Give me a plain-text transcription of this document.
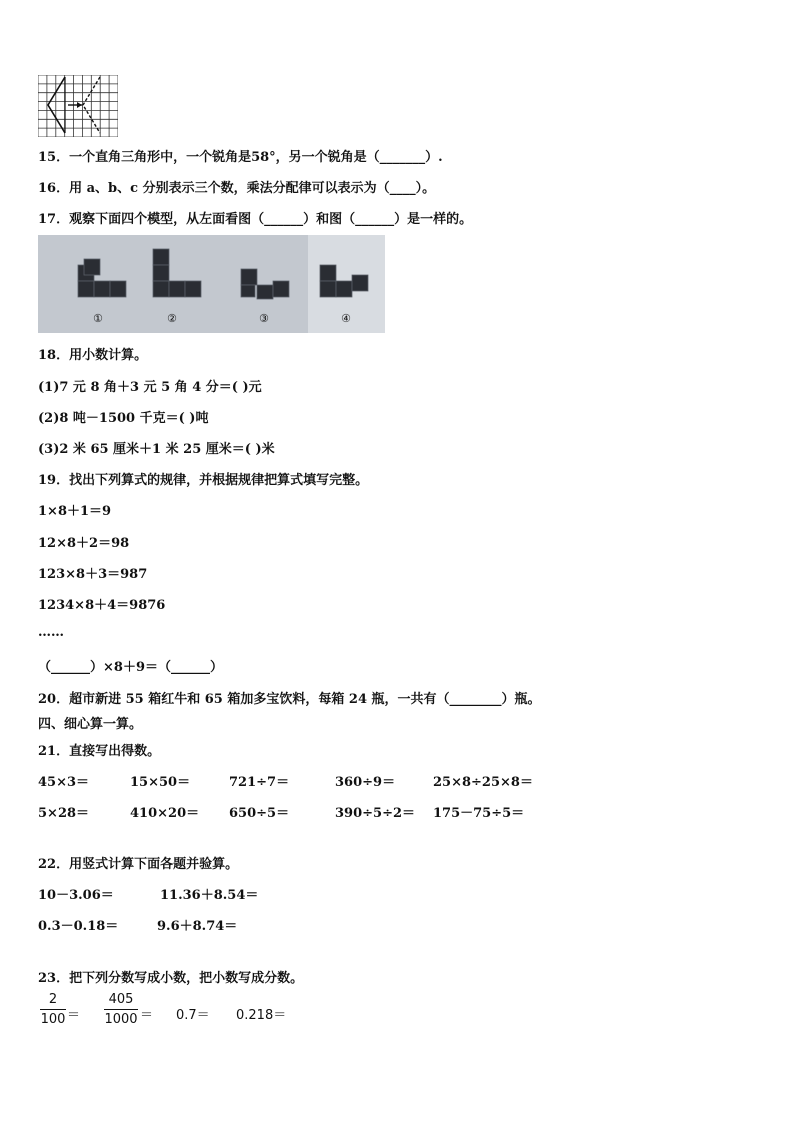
15．一个直角三角形中，一个锐角是58°，另一个锐角是（_______）.
16．用 a、b、c 分别表示三个数，乘法分配律可以表示为（____）。
17．观察下面四个模型，从左面看图（______）和图（______）是一样的。
①	②	③	④
18．用小数计算。
(1)7 元 8 角＋3 元 5 角 4 分＝( )元
(2)8 吨－1500 千克＝( )吨
(3)2 米 65 厘米＋1 米 25 厘米＝( )米
19．找出下列算式的规律，并根据规律把算式填写完整。
1×8＋1＝9
12×8＋2＝98
123×8＋3＝987
1234×8＋4＝9876
……
（______）×8＋9＝（______）
20．超市新进 55 箱红牛和 65 箱加多宝饮料，每箱 24 瓶，一共有（________）瓶。
四、细心算一算。
21．直接写出得数。
45×3＝	15×50＝	721÷7＝	360÷9＝	25×8÷25×8＝
5×28＝	410×20＝ 650÷5＝	390÷5÷2＝ 175－75÷5＝
22．用竖式计算下面各题并验算。
10－3.06＝	11.36＋8.54＝
0.3－0.18＝	9.6＋8.74＝
23．把下列分数写成小数，把小数写成分数。
$\frac{2}{100} = \frac{405}{1000} = 0.7= 0.218=$
